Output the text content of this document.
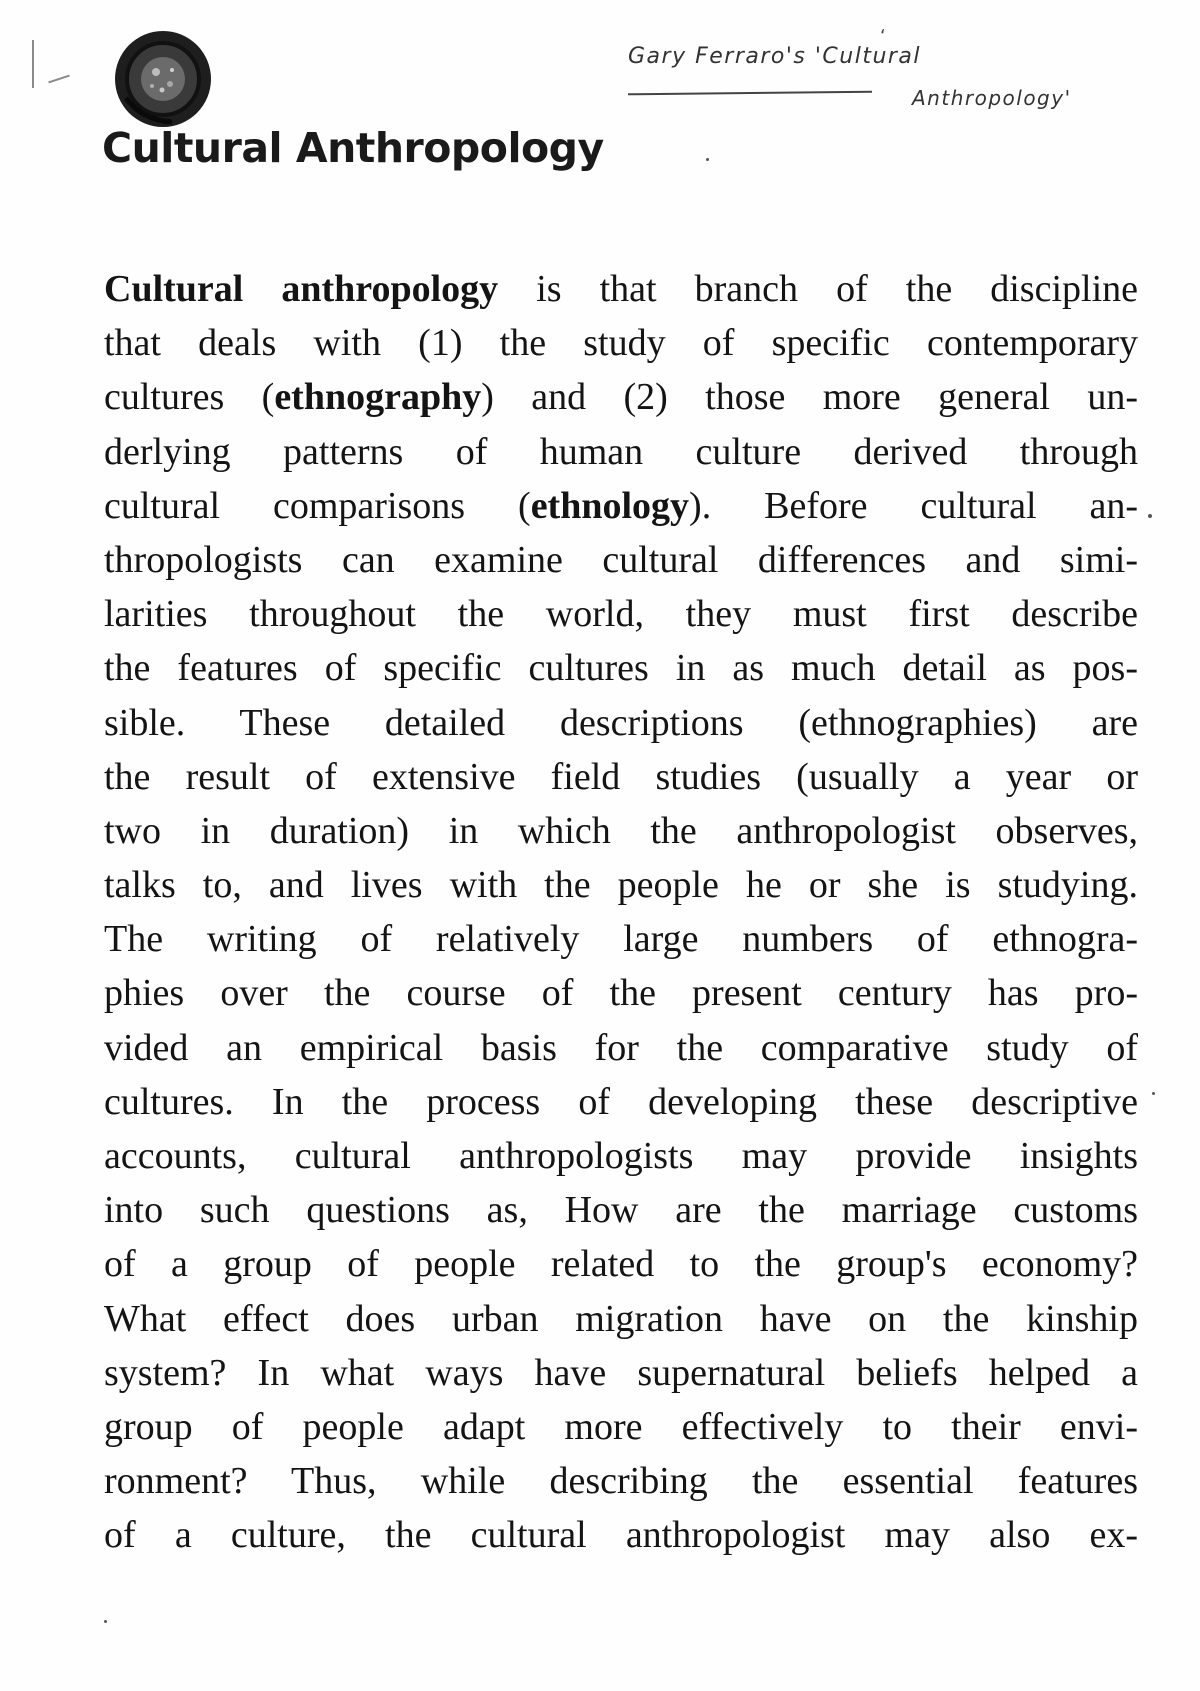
‘
Gary Ferraro's 'Cultural
Anthropology'
Cultural Anthropology
Cultural anthropology is that branch of the discipline
that deals with (1) the study of specific contemporary
cultures (ethnography) and (2) those more general un-
derlying patterns of human culture derived through
cultural comparisons (ethnology). Before cultural an-
thropologists can examine cultural differences and simi-
larities throughout the world, they must first describe
the features of specific cultures in as much detail as pos-
sible. These detailed descriptions (ethnographies) are
the result of extensive field studies (usually a year or
two in duration) in which the anthropologist observes,
talks to, and lives with the people he or she is studying.
The writing of relatively large numbers of ethnogra-
phies over the course of the present century has pro-
vided an empirical basis for the comparative study of
cultures. In the process of developing these descriptive
accounts, cultural anthropologists may provide insights
into such questions as, How are the marriage customs
of a group of people related to the group's economy?
What effect does urban migration have on the kinship
system? In what ways have supernatural beliefs helped a
group of people adapt more effectively to their envi-
ronment? Thus, while describing the essential features
of a culture, the cultural anthropologist may also ex-
